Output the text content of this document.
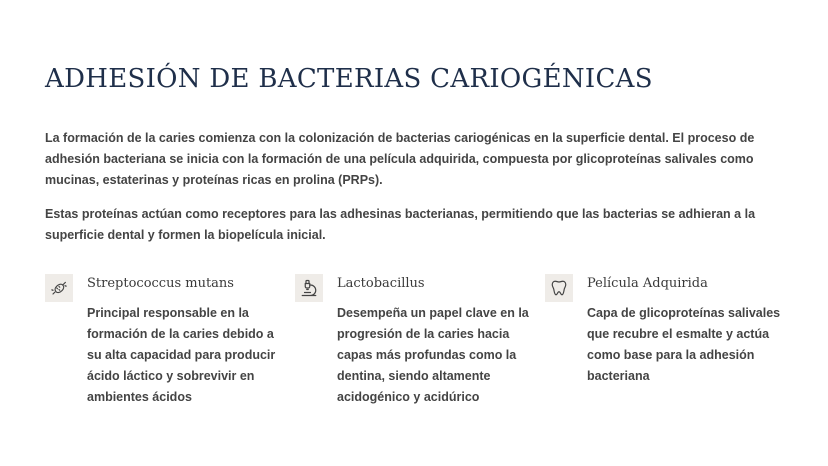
ADHESIÓN DE BACTERIAS CARIOGÉNICAS

La formación de la caries comienza con la colonización de bacterias cariogénicas en la superficie dental. El proceso de adhesión bacteriana se inicia con la formación de una película adquirida, compuesta por glicoproteínas salivales como mucinas, estaterinas y proteínas ricas en prolina (PRPs).

Estas proteínas actúan como receptores para las adhesinas bacterianas, permitiendo que las bacterias se adhieran a la superficie dental y formen la biopelícula inicial.

Streptococcus mutans

Principal responsable en la formación de la caries debido a su alta capacidad para producir ácido láctico y sobrevivir en ambientes ácidos

Lactobacillus

Desempeña un papel clave en la progresión de la caries hacia capas más profundas como la dentina, siendo altamente acidogénico y acidúrico

Película Adquirida

Capa de glicoproteínas salivales que recubre el esmalte y actúa como base para la adhesión bacteriana
